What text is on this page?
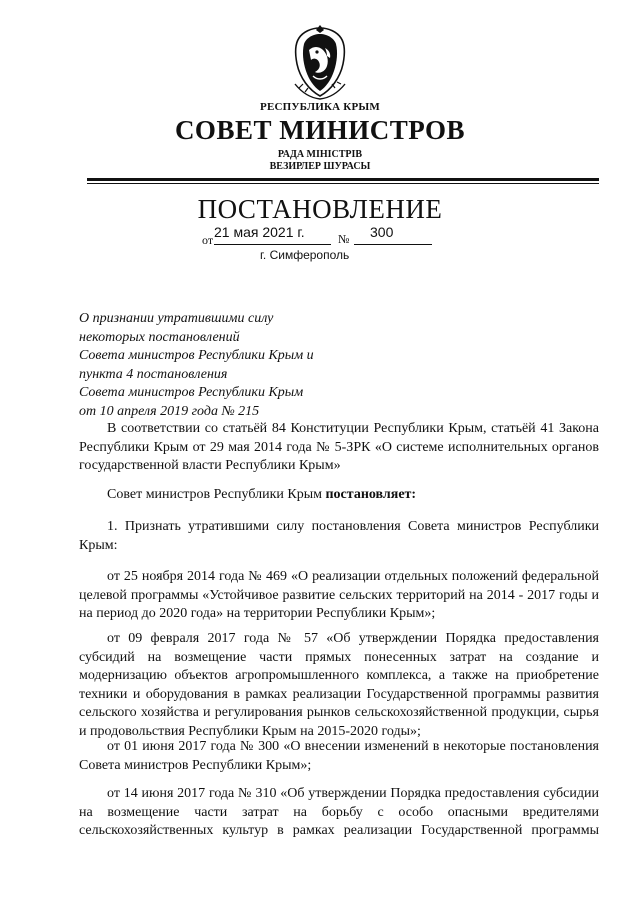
РЕСПУБЛИКА КРЫМ
СОВЕТ МИНИСТРОВ
РАДА МІНІСТРІВ
ВЕЗИРЛЕР ШУРАСЫ
ПОСТАНОВЛЕНИЕ
от 21 мая 2021 г.	№ 300
г. Симферополь
О признании утратившими силу
некоторых постановлений
Совета министров Республики Крым и
пункта 4 постановления
Совета министров Республики Крым
от 10 апреля 2019 года № 215
В соответствии со статьёй 84 Конституции Республики Крым, статьёй 41 Закона Республики Крым от 29 мая 2014 года № 5-ЗРК «О системе исполнительных органов государственной власти Республики Крым»
Совет министров Республики Крым постановляет:
1. Признать утратившими силу постановления Совета министров Республики Крым:
от 25 ноября 2014 года № 469 «О реализации отдельных положений федеральной целевой программы «Устойчивое развитие сельских территорий на 2014 - 2017 годы и на период до 2020 года» на территории Республики Крым»;
от 09 февраля 2017 года № 57 «Об утверждении Порядка предоставления субсидий на возмещение части прямых понесенных затрат на создание и модернизацию объектов агропромышленного комплекса, а также на приобретение техники и оборудования в рамках реализации Государственной программы развития сельского хозяйства и регулирования рынков сельскохозяйственной продукции, сырья и продовольствия Республики Крым на 2015-2020 годы»;
от 01 июня 2017 года № 300 «О внесении изменений в некоторые постановления Совета министров Республики Крым»;
от 14 июня 2017 года № 310 «Об утверждении Порядка предоставления субсидии на возмещение части затрат на борьбу с особо опасными вредителями сельскохозяйственных культур в рамках реализации Государственной программы
